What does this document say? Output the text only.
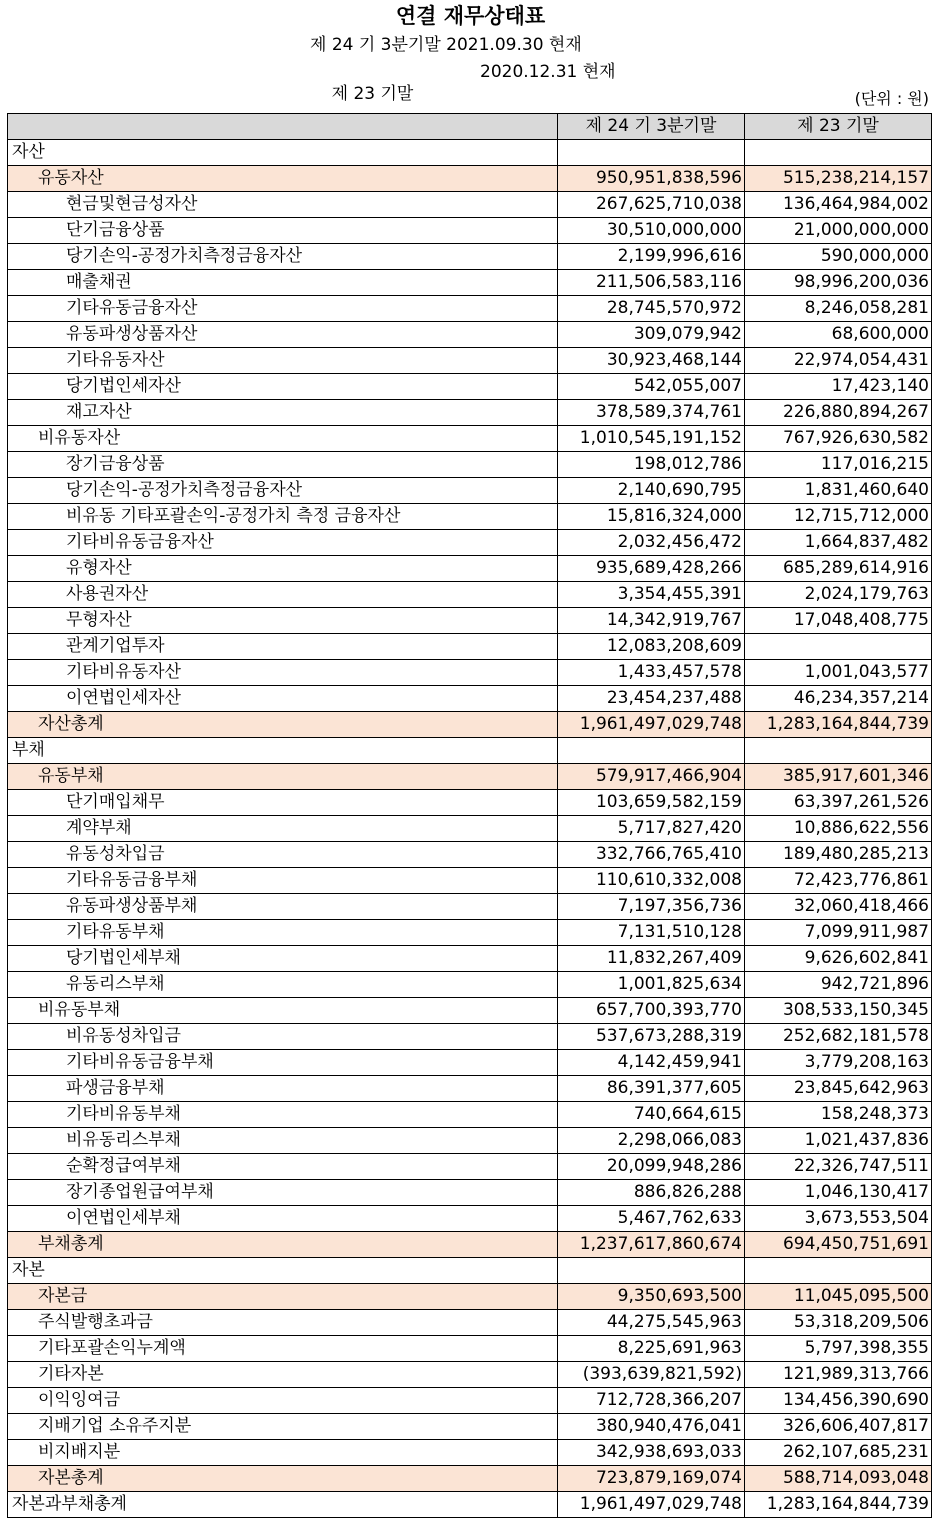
연결 재무상태표
제 24 기 3분기말 2021.09.30 현재

제 23 기말

2020.12.31 현재

(단위 : 원)
	제 24 기 3분기말	제 23 기말
자산		
유동자산	950,951,838,596	515,238,214,157
현금및현금성자산	267,625,710,038	136,464,984,002
단기금융상품	30,510,000,000	21,000,000,000
당기손익-공정가치측정금융자산	2,199,996,616	590,000,000
매출채권	211,506,583,116	98,996,200,036
기타유동금융자산	28,745,570,972	8,246,058,281
유동파생상품자산	309,079,942	68,600,000
기타유동자산	30,923,468,144	22,974,054,431
당기법인세자산	542,055,007	17,423,140
재고자산	378,589,374,761	226,880,894,267
비유동자산	1,010,545,191,152	767,926,630,582
장기금융상품	198,012,786	117,016,215
당기손익-공정가치측정금융자산	2,140,690,795	1,831,460,640
비유동 기타포괄손익-공정가치 측정 금융자산	15,816,324,000	12,715,712,000
기타비유동금융자산	2,032,456,472	1,664,837,482
유형자산	935,689,428,266	685,289,614,916
사용권자산	3,354,455,391	2,024,179,763
무형자산	14,342,919,767	17,048,408,775
관계기업투자	12,083,208,609	
기타비유동자산	1,433,457,578	1,001,043,577
이연법인세자산	23,454,237,488	46,234,357,214
자산총계	1,961,497,029,748	1,283,164,844,739
부채		
유동부채	579,917,466,904	385,917,601,346
단기매입채무	103,659,582,159	63,397,261,526
계약부채	5,717,827,420	10,886,622,556
유동성차입금	332,766,765,410	189,480,285,213
기타유동금융부채	110,610,332,008	72,423,776,861
유동파생상품부채	7,197,356,736	32,060,418,466
기타유동부채	7,131,510,128	7,099,911,987
당기법인세부채	11,832,267,409	9,626,602,841
유동리스부채	1,001,825,634	942,721,896
비유동부채	657,700,393,770	308,533,150,345
비유동성차입금	537,673,288,319	252,682,181,578
기타비유동금융부채	4,142,459,941	3,779,208,163
파생금융부채	86,391,377,605	23,845,642,963
기타비유동부채	740,664,615	158,248,373
비유동리스부채	2,298,066,083	1,021,437,836
순확정급여부채	20,099,948,286	22,326,747,511
장기종업원급여부채	886,826,288	1,046,130,417
이연법인세부채	5,467,762,633	3,673,553,504
부채총계	1,237,617,860,674	694,450,751,691
자본		
자본금	9,350,693,500	11,045,095,500
주식발행초과금	44,275,545,963	53,318,209,506
기타포괄손익누계액	8,225,691,963	5,797,398,355
기타자본	(393,639,821,592)	121,989,313,766
이익잉여금	712,728,366,207	134,456,390,690
지배기업 소유주지분	380,940,476,041	326,606,407,817
비지배지분	342,938,693,033	262,107,685,231
자본총계	723,879,169,074	588,714,093,048
자본과부채총계	1,961,497,029,748	1,283,164,844,739
